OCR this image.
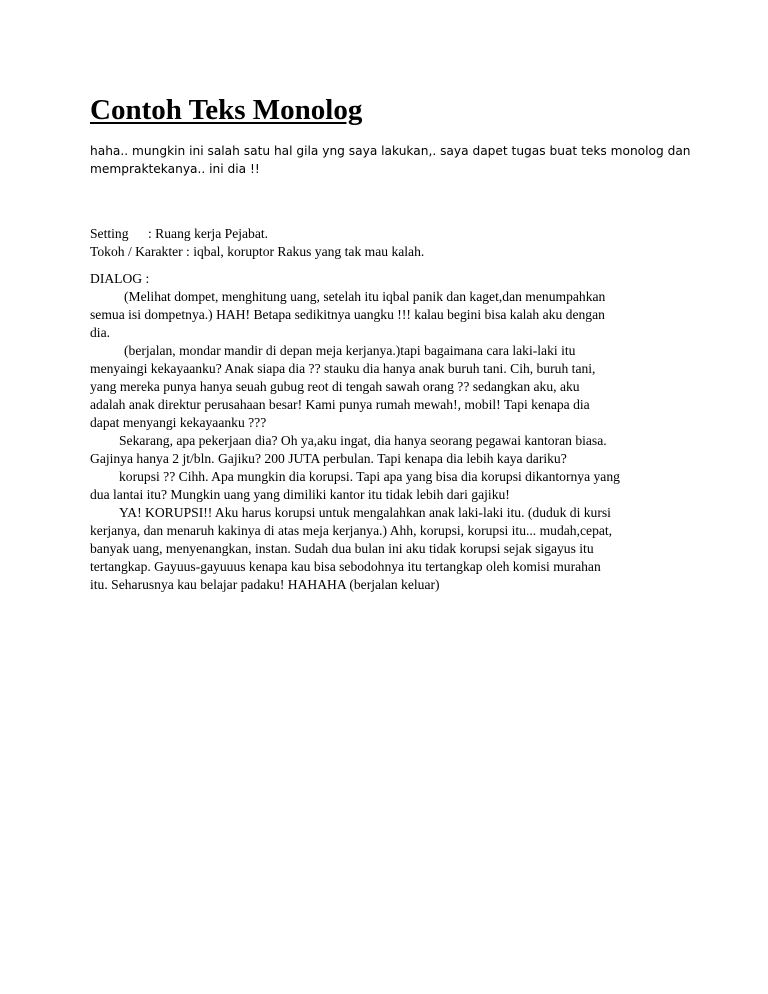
Contoh Teks Monolog
haha.. mungkin ini salah satu hal gila yng saya lakukan,. saya dapet tugas buat teks monolog dan
mempraktekanya.. ini dia !!
Setting : Ruang kerja Pejabat.
Tokoh / Karakter : iqbal, koruptor Rakus yang tak mau kalah.
DIALOG :
(Melihat dompet, menghitung uang, setelah itu iqbal panik dan kaget,dan menumpahkan
semua isi dompetnya.) HAH! Betapa sedikitnya uangku !!! kalau begini bisa kalah aku dengan
dia.
(berjalan, mondar mandir di depan meja kerjanya.)tapi bagaimana cara laki-laki itu
menyaingi kekayaanku? Anak siapa dia ?? stauku dia hanya anak buruh tani. Cih, buruh tani,
yang mereka punya hanya seuah gubug reot di tengah sawah orang ?? sedangkan aku, aku
adalah anak direktur perusahaan besar! Kami punya rumah mewah!, mobil! Tapi kenapa dia
dapat menyangi kekayaanku ???
Sekarang, apa pekerjaan dia? Oh ya,aku ingat, dia hanya seorang pegawai kantoran biasa.
Gajinya hanya 2 jt/bln. Gajiku? 200 JUTA perbulan. Tapi kenapa dia lebih kaya dariku?
korupsi ?? Cihh. Apa mungkin dia korupsi. Tapi apa yang bisa dia korupsi dikantornya yang
dua lantai itu? Mungkin uang yang dimiliki kantor itu tidak lebih dari gajiku!
YA! KORUPSI!! Aku harus korupsi untuk mengalahkan anak laki-laki itu. (duduk di kursi
kerjanya, dan menaruh kakinya di atas meja kerjanya.) Ahh, korupsi, korupsi itu... mudah,cepat,
banyak uang, menyenangkan, instan. Sudah dua bulan ini aku tidak korupsi sejak sigayus itu
tertangkap. Gayuus-gayuuus kenapa kau bisa sebodohnya itu tertangkap oleh komisi murahan
itu. Seharusnya kau belajar padaku! HAHAHA (berjalan keluar)
